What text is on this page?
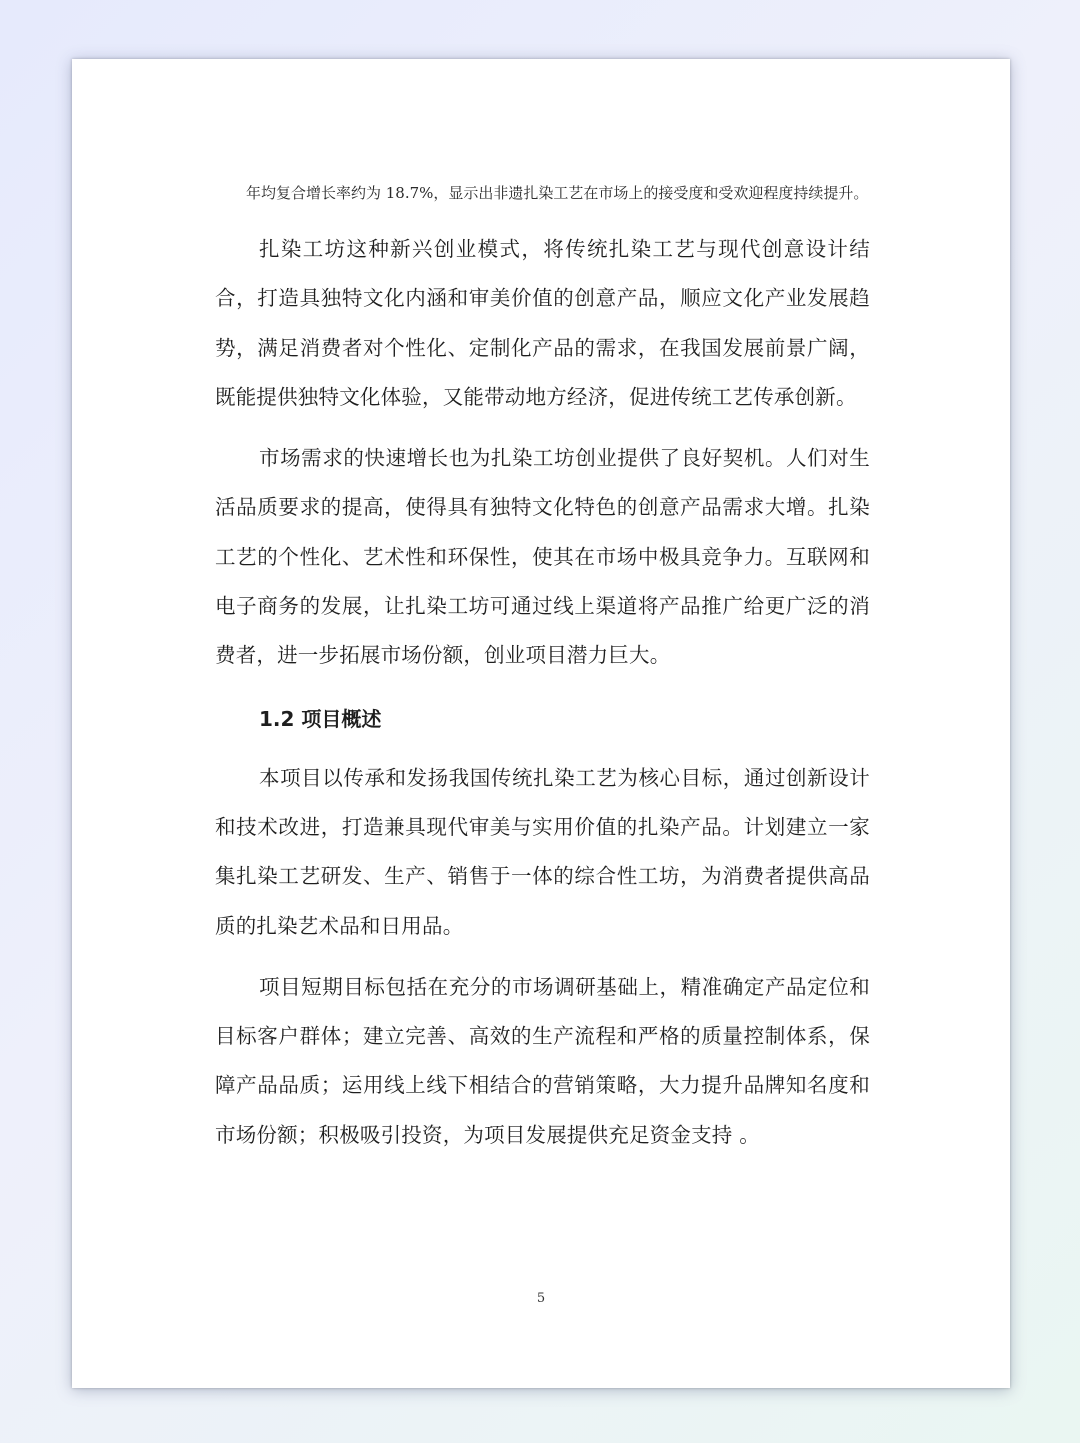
年均复合增长率约为 18.7%，显示出非遗扎染工艺在市场上的接受度和受欢迎程度持续提升。

扎染工坊这种新兴创业模式，将传统扎染工艺与现代创意设计结合，打造具独特文化内涵和审美价值的创意产品，顺应文化产业发展趋势，满足消费者对个性化、定制化产品的需求，在我国发展前景广阔，既能提供独特文化体验，又能带动地方经济，促进传统工艺传承创新。

市场需求的快速增长也为扎染工坊创业提供了良好契机。人们对生活品质要求的提高，使得具有独特文化特色的创意产品需求大增。扎染工艺的个性化、艺术性和环保性，使其在市场中极具竞争力。互联网和电子商务的发展，让扎染工坊可通过线上渠道将产品推广给更广泛的消费者，进一步拓展市场份额，创业项目潜力巨大。

1.2 项目概述

本项目以传承和发扬我国传统扎染工艺为核心目标，通过创新设计和技术改进，打造兼具现代审美与实用价值的扎染产品。计划建立一家集扎染工艺研发、生产、销售于一体的综合性工坊，为消费者提供高品质的扎染艺术品和日用品。

项目短期目标包括在充分的市场调研基础上，精准确定产品定位和目标客户群体；建立完善、高效的生产流程和严格的质量控制体系，保障产品品质；运用线上线下相结合的营销策略，大力提升品牌知名度和市场份额；积极吸引投资，为项目发展提供充足资金支持 。

5
